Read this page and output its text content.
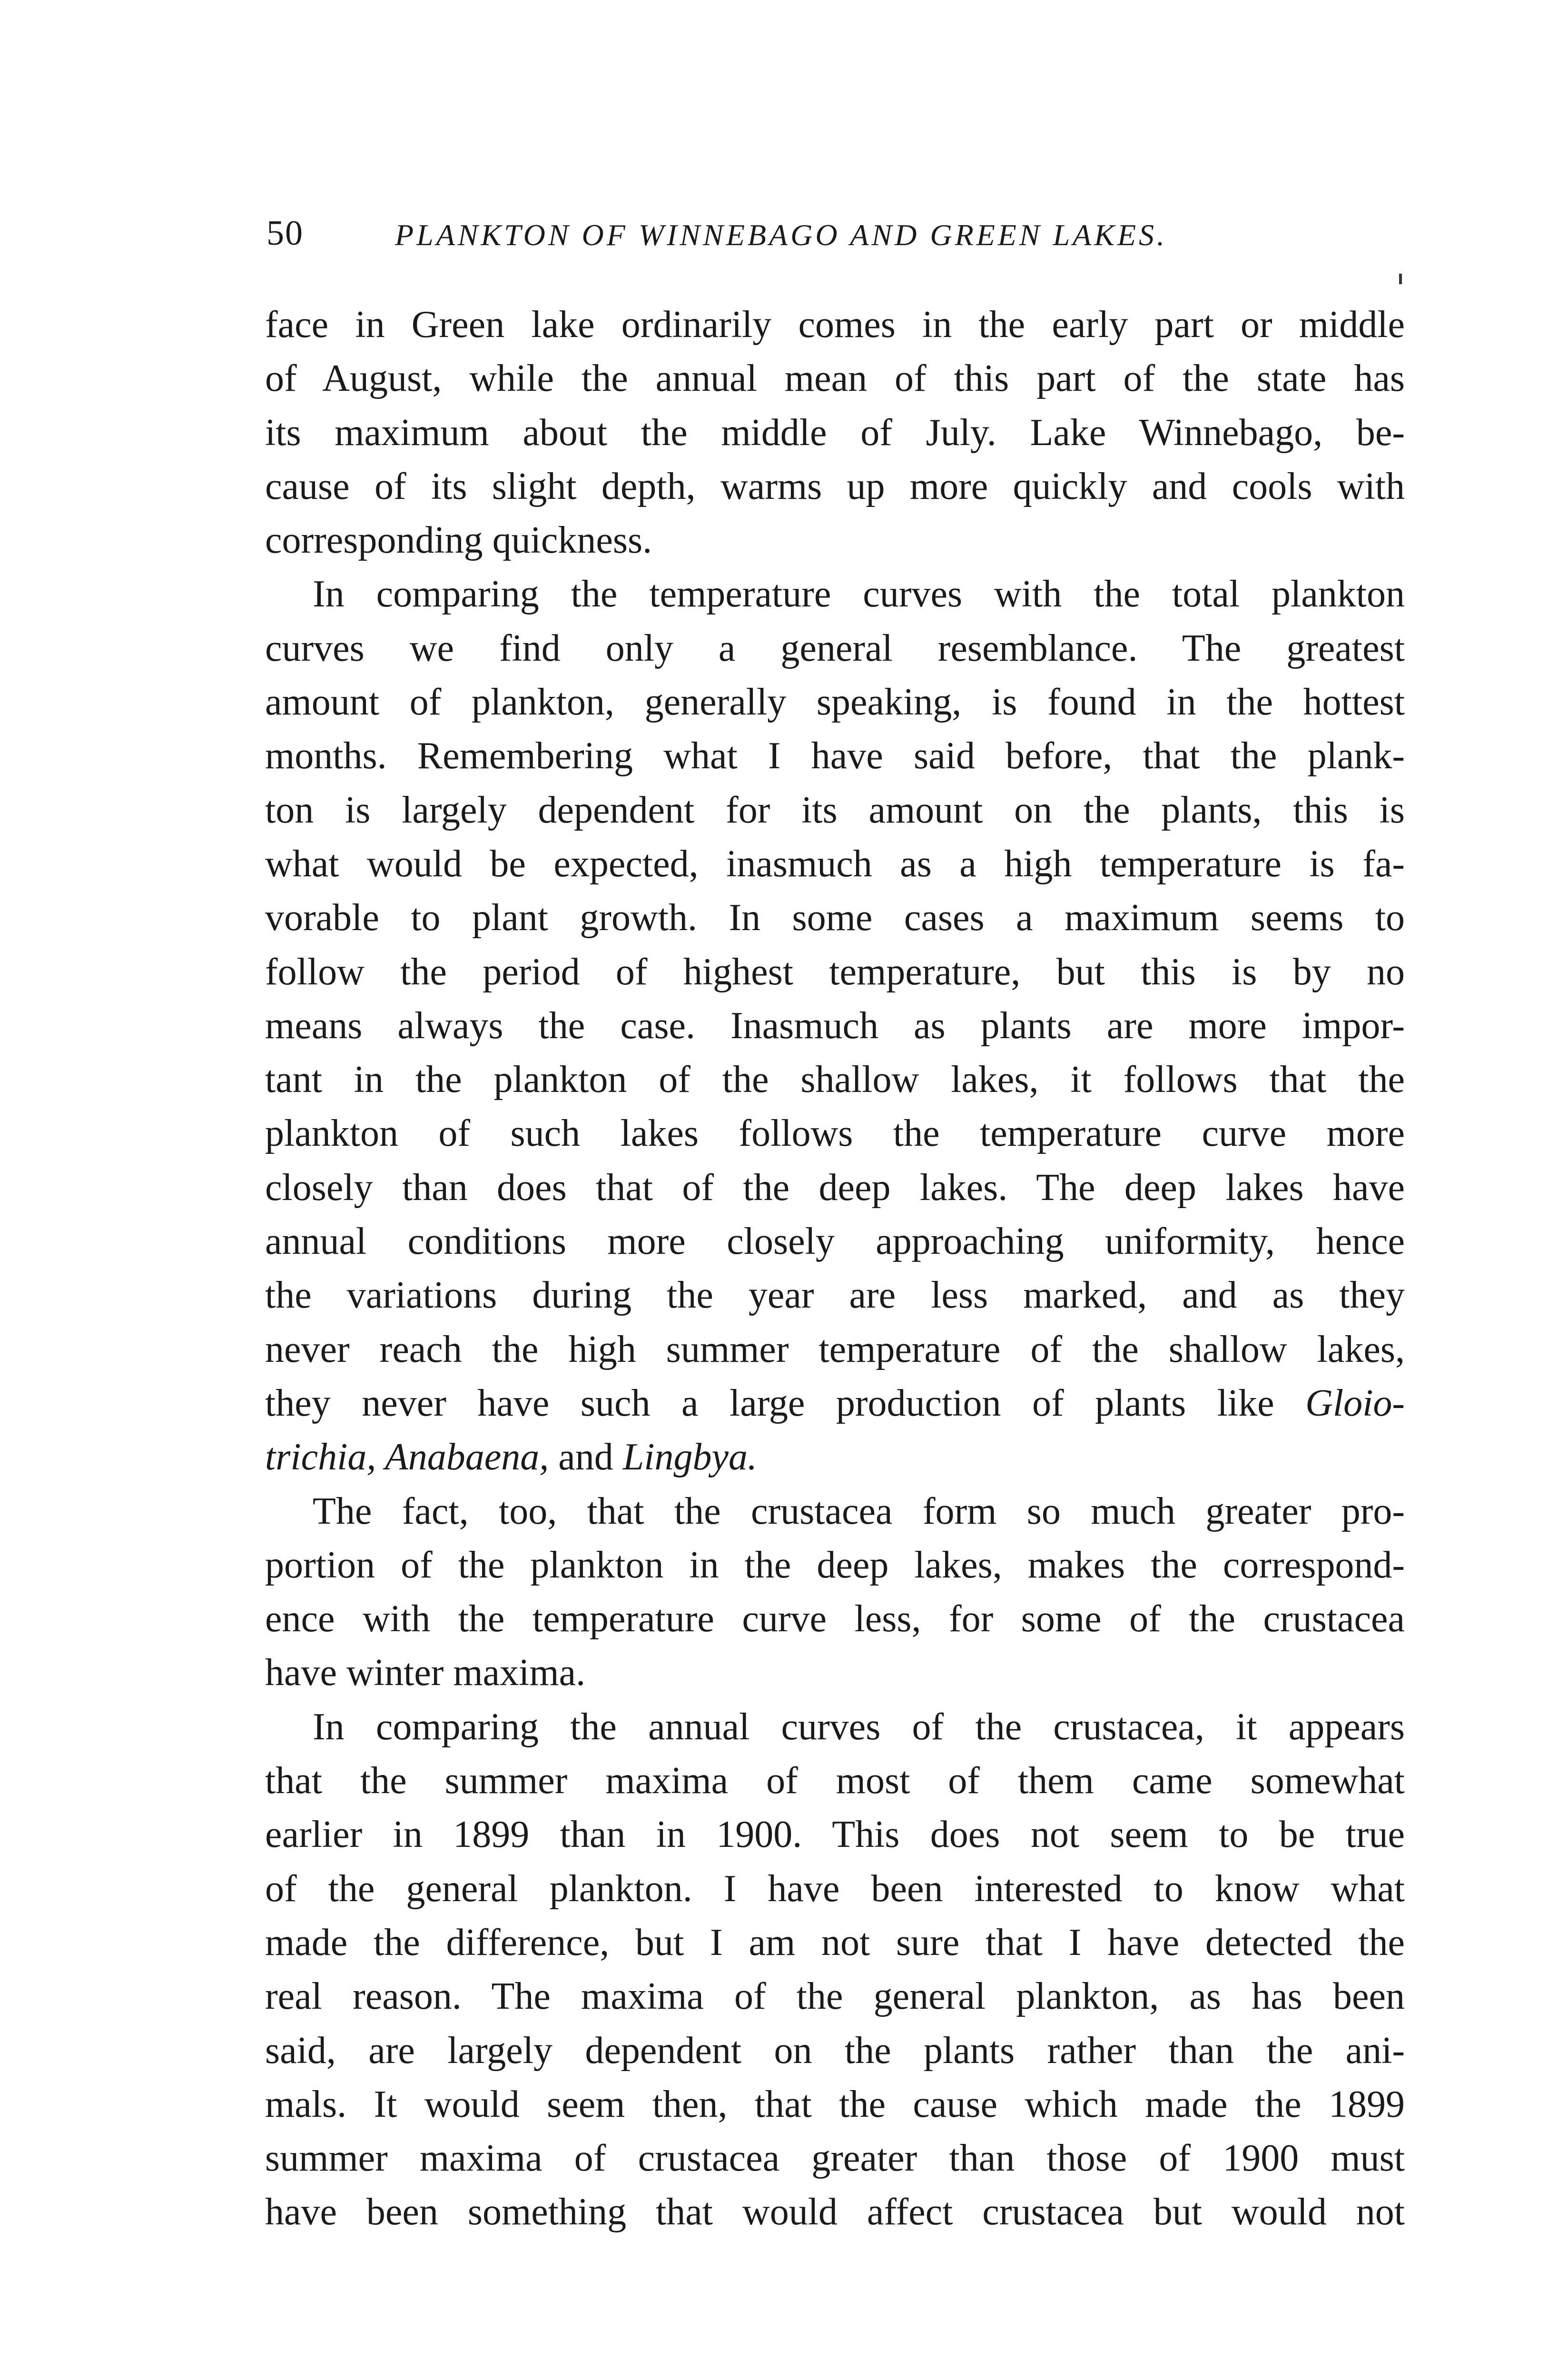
50	PLANKTON OF WINNEBAGO AND GREEN LAKES.
face in Green lake ordinarily comes in the early part or middle
of August, while the annual mean of this part of the state has
its maximum about the middle of July. Lake Winnebago, be-
cause of its slight depth, warms up more quickly and cools with
corresponding quickness.
In comparing the temperature curves with the total plankton
curves we find only a general resemblance. The greatest
amount of plankton, generally speaking, is found in the hottest
months. Remembering what I have said before, that the plank-
ton is largely dependent for its amount on the plants, this is
what would be expected, inasmuch as a high temperature is fa-
vorable to plant growth. In some cases a maximum seems to
follow the period of highest temperature, but this is by no
means always the case. Inasmuch as plants are more impor-
tant in the plankton of the shallow lakes, it follows that the
plankton of such lakes follows the temperature curve more
closely than does that of the deep lakes. The deep lakes have
annual conditions more closely approaching uniformity, hence
the variations during the year are less marked, and as they
never reach the high summer temperature of the shallow lakes,
they never have such a large production of plants like Gloio-
trichia, Anabaena, and Lingbya.
The fact, too, that the crustacea form so much greater pro-
portion of the plankton in the deep lakes, makes the correspond-
ence with the temperature curve less, for some of the crustacea
have winter maxima.
In comparing the annual curves of the crustacea, it appears
that the summer maxima of most of them came somewhat
earlier in 1899 than in 1900. This does not seem to be true
of the general plankton. I have been interested to know what
made the difference, but I am not sure that I have detected the
real reason. The maxima of the general plankton, as has been
said, are largely dependent on the plants rather than the ani-
mals. It would seem then, that the cause which made the 1899
summer maxima of crustacea greater than those of 1900 must
have been something that would affect crustacea but would not
